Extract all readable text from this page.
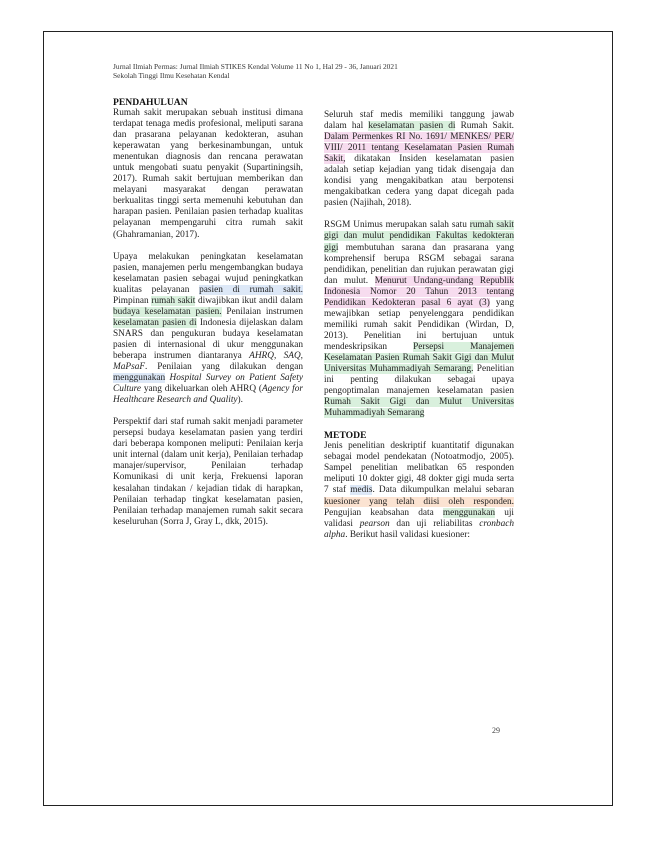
Jurnal Ilmiah Permas: Jurnal Ilmiah STIKES Kendal Volume 11 No 1, Hal 29 - 36, Januari 2021
Sekolah Tinggi Ilmu Kesehatan Kendal
PENDAHULUAN

Rumah sakit merupakan sebuah institusi dimana terdapat tenaga medis profesional, meliputi sarana dan prasarana pelayanan kedokteran, asuhan keperawatan yang berkesinambungan, untuk menentukan diagnosis dan rencana perawatan untuk mengobati suatu penyakit (Supartiningsih, 2017). Rumah sakit bertujuan memberikan dan melayani masyarakat dengan perawatan berkualitas tinggi serta memenuhi kebutuhan dan harapan pasien. Penilaian pasien terhadap kualitas pelayanan mempengaruhi citra rumah sakit (Ghahramanian, 2017).

Upaya melakukan peningkatan keselamatan pasien, manajemen perlu mengembangkan budaya keselamatan pasien sebagai wujud peningkatkan kualitas pelayanan pasien di rumah sakit. Pimpinan rumah sakit diwajibkan ikut andil dalam budaya keselamatan pasien. Penilaian instrumen keselamatan pasien di Indonesia dijelaskan dalam SNARS dan pengukuran budaya keselamatan pasien di internasional di ukur menggunakan beberapa instrumen diantaranya AHRQ, SAQ, MaPsaF. Penilaian yang dilakukan dengan menggunakan Hospital Survey on Patient Safety Culture yang dikeluarkan oleh AHRQ (Agency for Healthcare Research and Quality).

Perspektif dari staf rumah sakit menjadi parameter persepsi budaya keselamatan pasien yang terdiri dari beberapa komponen meliputi: Penilaian kerja unit internal (dalam unit kerja), Penilaian terhadap manajer/supervisor, Penilaian terhadap Komunikasi di unit kerja, Frekuensi laporan kesalahan tindakan / kejadian tidak di harapkan, Penilaian terhadap tingkat keselamatan pasien, Penilaian terhadap manajemen rumah sakit secara keseluruhan (Sorra J, Gray L, dkk, 2015).

Seluruh staf medis memiliki tanggung jawab dalam hal keselamatan pasien di Rumah Sakit. Dalam Permenkes RI No. 1691/ MENKES/ PER/ VIII/ 2011 tentang Keselamatan Pasien Rumah Sakit, dikatakan Insiden keselamatan pasien adalah setiap kejadian yang tidak disengaja dan kondisi yang mengakibatkan atau berpotensi mengakibatkan cedera yang dapat dicegah pada pasien (Najihah, 2018).

RSGM Unimus merupakan salah satu rumah sakit gigi dan mulut pendidikan Fakultas kedokteran gigi membutuhan sarana dan prasarana yang komprehensif berupa RSGM sebagai sarana pendidikan, penelitian dan rujukan perawatan gigi dan mulut. Menurut Undang-undang Republik Indonesia Nomor 20 Tahun 2013 tentang Pendidikan Kedokteran pasal 6 ayat (3) yang mewajibkan setiap penyelenggara pendidikan memiliki rumah sakit Pendidikan (Wirdan, D, 2013). Penelitian ini bertujuan untuk mendeskripsikan Persepsi Manajemen Keselamatan Pasien Rumah Sakit Gigi dan Mulut Universitas Muhammadiyah Semarang. Penelitian ini penting dilakukan sebagai upaya pengoptimalan manajemen keselamatan pasien Rumah Sakit Gigi dan Mulut Universitas Muhammadiyah Semarang

METODE

Jenis penelitian deskriptif kuantitatif digunakan sebagai model pendekatan (Notoatmodjo, 2005). Sampel penelitian melibatkan 65 responden meliputi 10 dokter gigi, 48 dokter gigi muda serta 7 staf medis. Data dikumpulkan melalui sebaran kuesioner yang telah diisi oleh responden. Pengujian keabsahan data menggunakan uji validasi pearson dan uji reliabilitas cronbach alpha. Berikut hasil validasi kuesioner:

29
